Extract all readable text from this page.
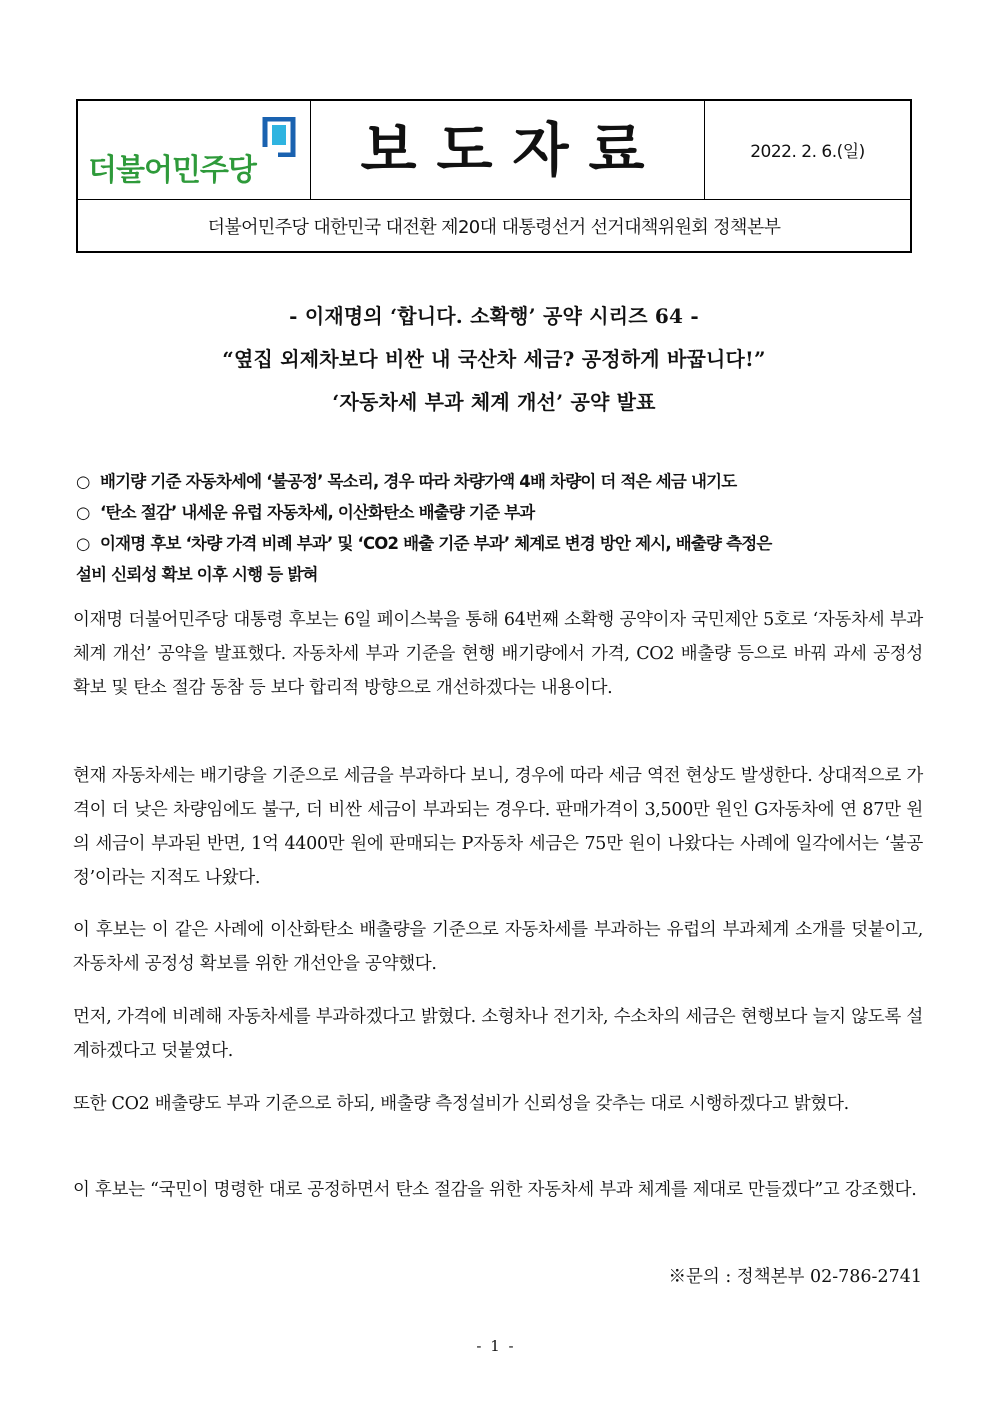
더불어민주당	보도자료	2022. 2. 6.(일)
더불어민주당 대한민국 대전환 제20대 대통령선거 선거대책위원회 정책본부
- 이재명의 ‘합니다. 소확행’ 공약 시리즈 64 -
“옆집 외제차보다 비싼 내 국산차 세금? 공정하게 바꿉니다!”
‘자동차세 부과 체계 개선’ 공약 발표
○ 배기량 기준 자동차세에 ‘불공정’ 목소리, 경우 따라 차량가액 4배 차량이 더 적은 세금 내기도
○ ‘탄소 절감’ 내세운 유럽 자동차세, 이산화탄소 배출량 기준 부과
○ 이재명 후보 ‘차량 가격 비례 부과’ 및 ‘CO2 배출 기준 부과’ 체계로 변경 방안 제시, 배출량 측정은
설비 신뢰성 확보 이후 시행 등 밝혀
이재명 더불어민주당 대통령 후보는 6일 페이스북을 통해 64번째 소확행 공약이자 국민제안 5호로 ‘자동차세 부과 체계 개선’ 공약을 발표했다. 자동차세 부과 기준을 현행 배기량에서 가격, CO2 배출량 등으로 바꿔 과세 공정성 확보 및 탄소 절감 동참 등 보다 합리적 방향으로 개선하겠다는 내용이다.
현재 자동차세는 배기량을 기준으로 세금을 부과하다 보니, 경우에 따라 세금 역전 현상도 발생한다. 상대적으로 가격이 더 낮은 차량임에도 불구, 더 비싼 세금이 부과되는 경우다. 판매가격이 3,500만 원인 G자동차에 연 87만 원의 세금이 부과된 반면, 1억 4400만 원에 판매되는 P자동차 세금은 75만 원이 나왔다는 사례에 일각에서는 ‘불공정’이라는 지적도 나왔다.
이 후보는 이 같은 사례에 이산화탄소 배출량을 기준으로 자동차세를 부과하는 유럽의 부과체계 소개를 덧붙이고, 자동차세 공정성 확보를 위한 개선안을 공약했다.
먼저, 가격에 비례해 자동차세를 부과하겠다고 밝혔다. 소형차나 전기차, 수소차의 세금은 현행보다 늘지 않도록 설계하겠다고 덧붙였다.
또한 CO2 배출량도 부과 기준으로 하되, 배출량 측정설비가 신뢰성을 갖추는 대로 시행하겠다고 밝혔다.
이 후보는 “국민이 명령한 대로 공정하면서 탄소 절감을 위한 자동차세 부과 체계를 제대로 만들겠다”고 강조했다.
※문의 : 정책본부 02-786-2741
- 1 -
